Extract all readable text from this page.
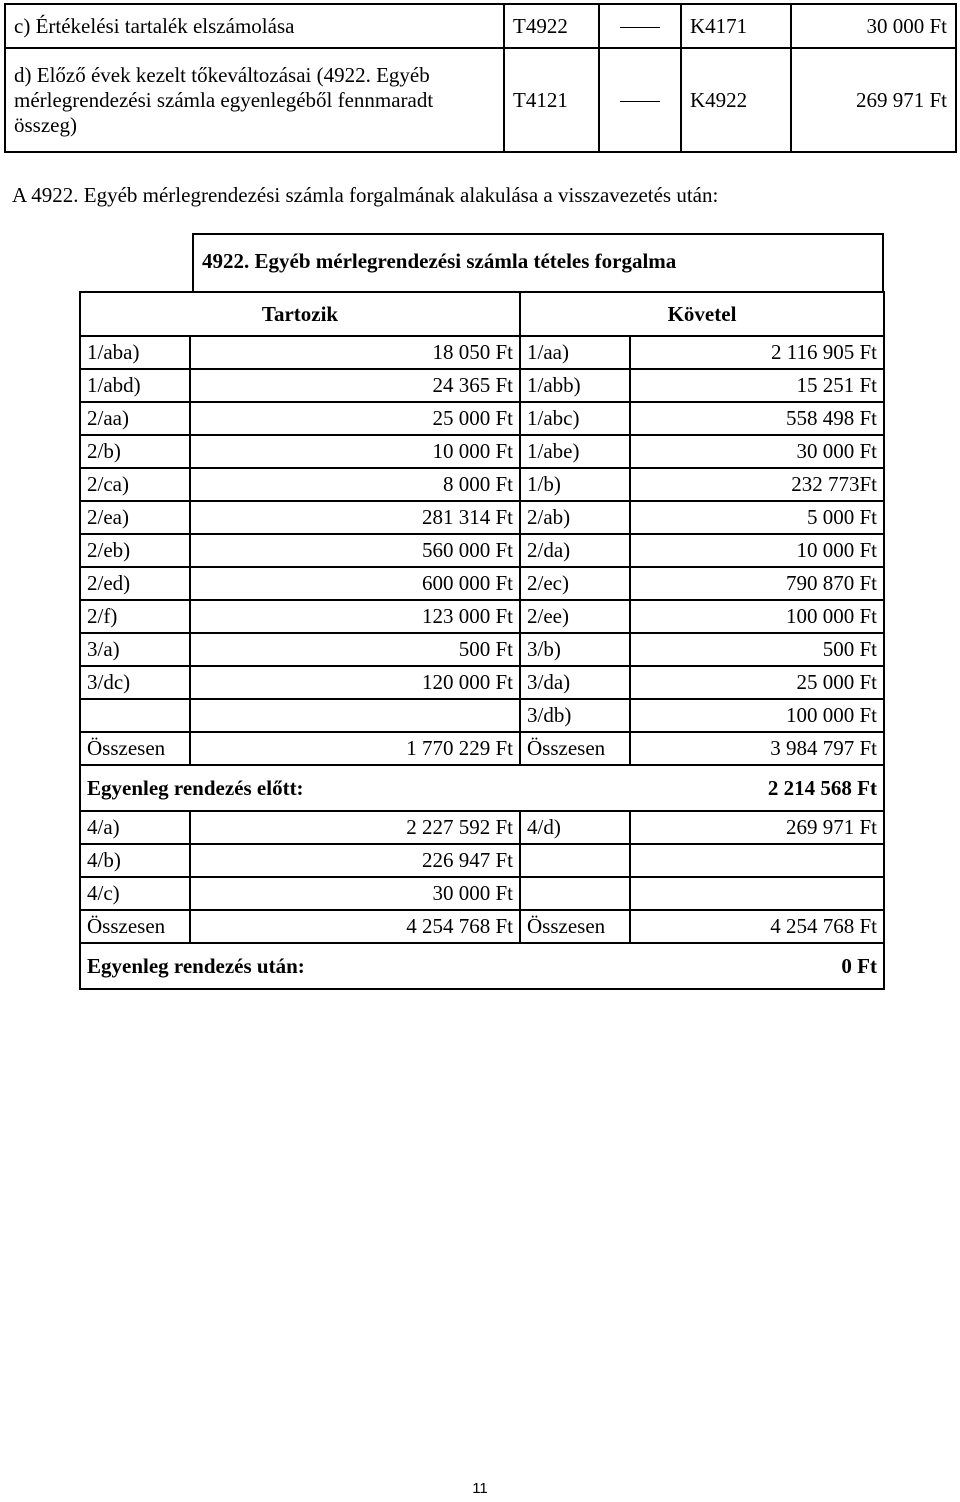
c) Értékelési tartalék elszámolása	T4922		K4171	30 000 Ft
d) Előző évek kezelt tőkeváltozásai (4922. Egyéb mérlegrendezési számla egyenlegéből fennmaradt összeg)	T4121		K4922	269 971 Ft
A 4922. Egyéb mérlegrendezési számla forgalmának alakulása a visszavezetés után:
4922. Egyéb mérlegrendezési számla tételes forgalma
Tartozik		Követel	
1/aba)	18 050 Ft	1/aa)	2 116 905 Ft
1/abd)	24 365 Ft	1/abb)	15 251 Ft
2/aa)	25 000 Ft	1/abc)	558 498 Ft
2/b)	10 000 Ft	1/abe)	30 000 Ft
2/ca)	8 000 Ft	1/b)	232 773Ft
2/ea)	281 314 Ft	2/ab)	5 000 Ft
2/eb)	560 000 Ft	2/da)	10 000 Ft
2/ed)	600 000 Ft	2/ec)	790 870 Ft
2/f)	123 000 Ft	2/ee)	100 000 Ft
3/a)	500 Ft	3/b)	500 Ft
3/dc)	120 000 Ft	3/da)	25 000 Ft
		3/db)	100 000 Ft
Összesen	1 770 229 Ft	Összesen	3 984 797 Ft
Egyenleg rendezés előtt:		2 214 568 Ft	
4/a)	2 227 592 Ft	4/d)	269 971 Ft
4/b)	226 947 Ft		
4/c)	30 000 Ft		
Összesen	4 254 768 Ft	Összesen	4 254 768 Ft
Egyenleg rendezés után:		0 Ft	
11
